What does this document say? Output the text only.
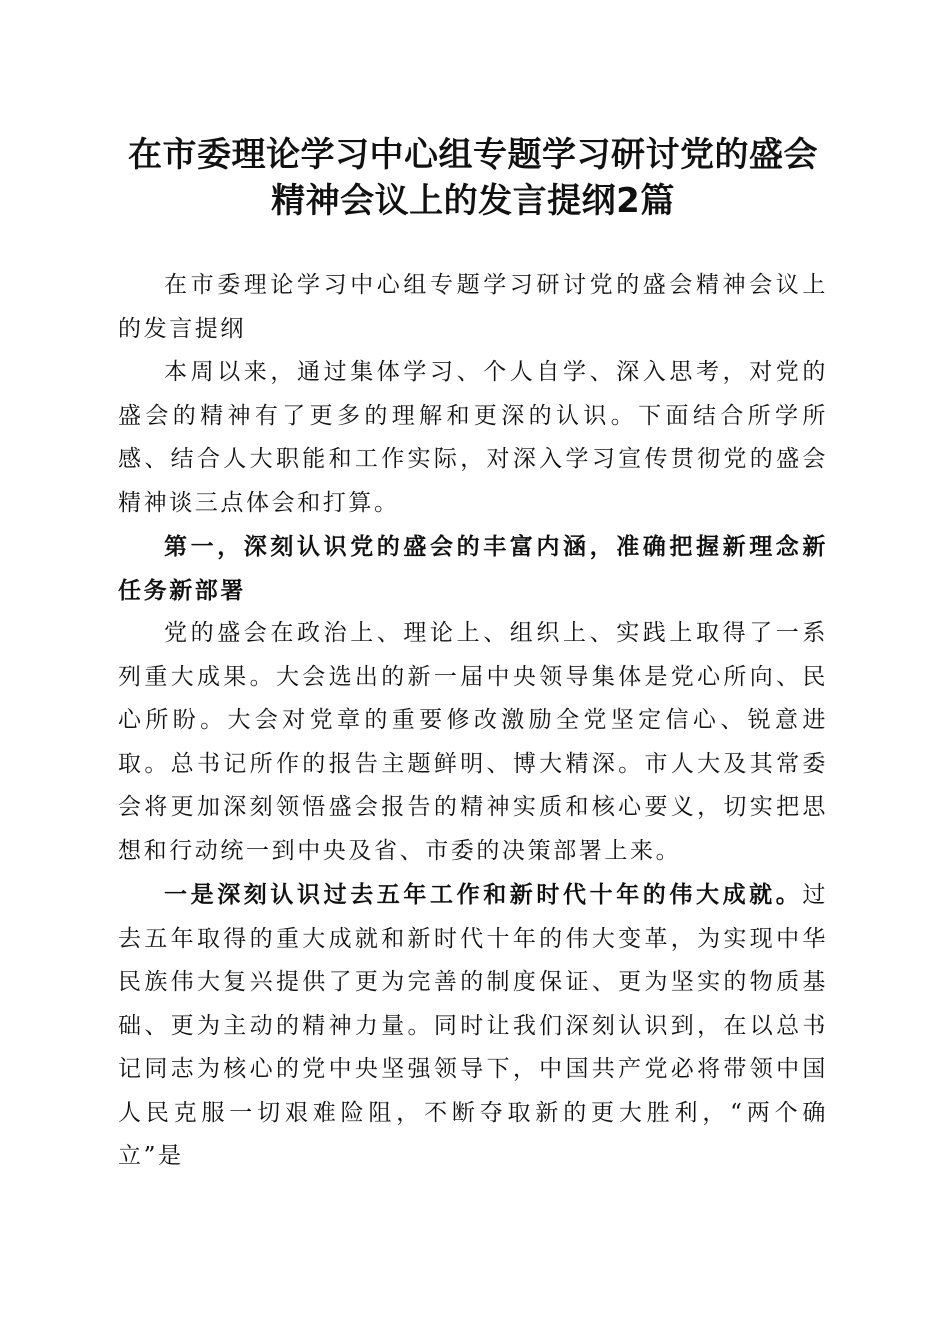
在市委理论学习中心组专题学习研讨党的盛会
精神会议上的发言提纲2篇

在市委理论学习中心组专题学习研讨党的盛会精神会议上的发言提纲

本周以来，通过集体学习、个人自学、深入思考，对党的盛会的精神有了更多的理解和更深的认识。下面结合所学所感、结合人大职能和工作实际，对深入学习宣传贯彻党的盛会精神谈三点体会和打算。

第一，深刻认识党的盛会的丰富内涵，准确把握新理念新任务新部署

党的盛会在政治上、理论上、组织上、实践上取得了一系列重大成果。大会选出的新一届中央领导集体是党心所向、民心所盼。大会对党章的重要修改激励全党坚定信心、锐意进取。总书记所作的报告主题鲜明、博大精深。市人大及其常委会将更加深刻领悟盛会报告的精神实质和核心要义，切实把思想和行动统一到中央及省、市委的决策部署上来。

一是深刻认识过去五年工作和新时代十年的伟大成就。过去五年取得的重大成就和新时代十年的伟大变革，为实现中华民族伟大复兴提供了更为完善的制度保证、更为坚实的物质基础、更为主动的精神力量。同时让我们深刻认识到，在以总书记同志为核心的党中央坚强领导下，中国共产党必将带领中国人民克服一切艰难险阻，不断夺取新的更大胜利，“两个确立”是
